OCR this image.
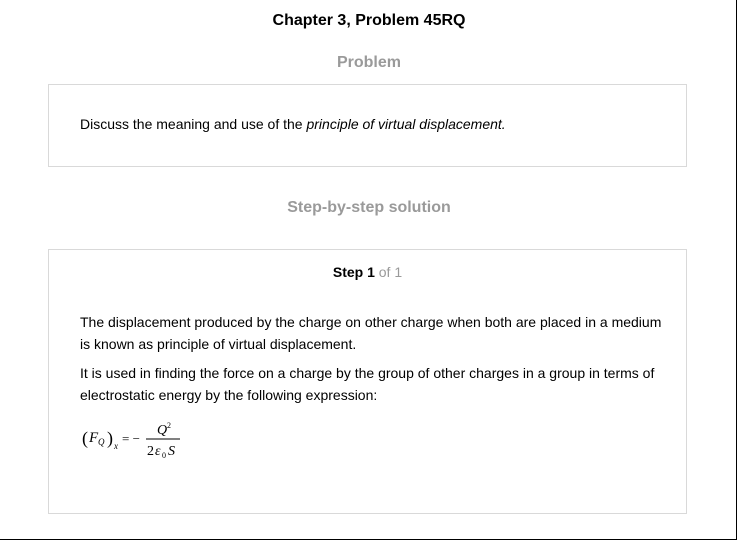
Chapter 3, Problem 45RQ
Problem
Discuss the meaning and use of the principle of virtual displacement.
Step-by-step solution
Step 1 of 1
The displacement produced by the charge on other charge when both are placed in a medium is known as principle of virtual displacement.
It is used in finding the force on a charge by the group of other charges in a group in terms of electrostatic energy by the following expression:
( F Q ) x = −
Q 2
2 ε 0 S
